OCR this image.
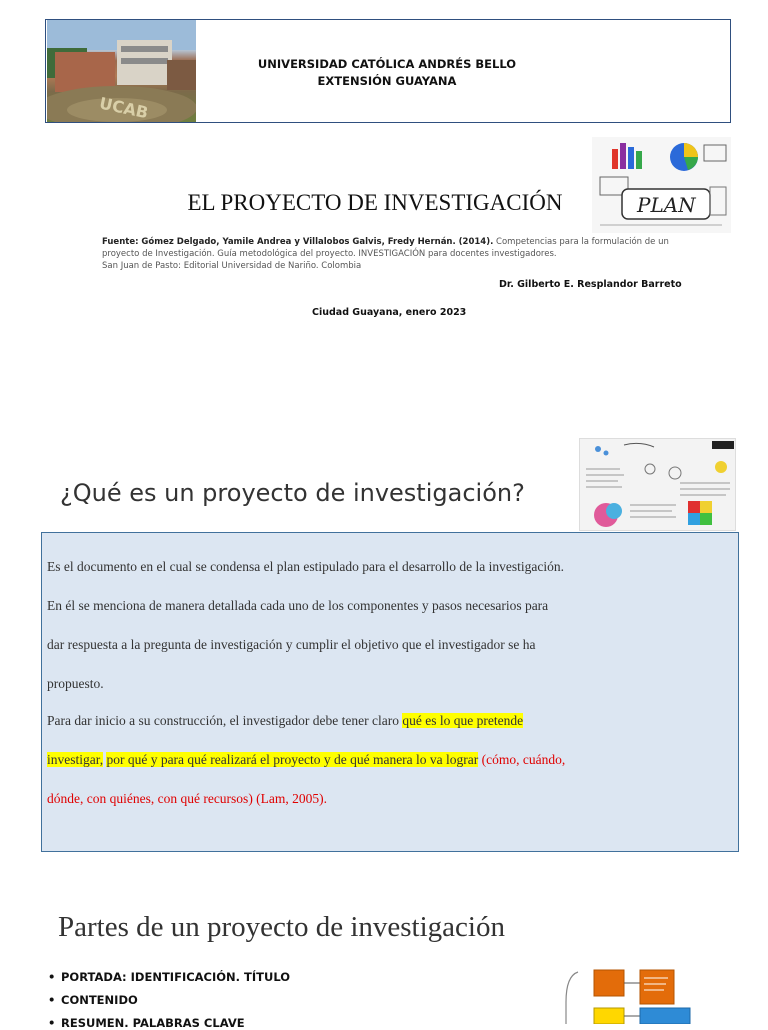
UCAB
UNIVERSIDAD CATÓLICA ANDRÉS BELLO
EXTENSIÓN GUAYANA
EL PROYECTO DE INVESTIGACIÓN	PLAN
Fuente: Gómez Delgado, Yamile Andrea y Villalobos Galvis, Fredy Hernán. (2014). Competencias para la formulación de un
proyecto de Investigación. Guía metodológica del proyecto. INVESTIGACIÓN para docentes investigadores.
San Juan de Pasto: Editorial Universidad de Nariño. Colombia
Dr. Gilberto E. Resplandor Barreto
Ciudad Guayana, enero 2023
¿Qué es un proyecto de investigación?
Es el documento en el cual se condensa el plan estipulado para el desarrollo de la investigación.
En él se menciona de manera detallada cada uno de los componentes y pasos necesarios para
dar respuesta a la pregunta de investigación y cumplir el objetivo que el investigador se ha
propuesto.
Para dar inicio a su construcción, el investigador debe tener claro qué es lo que pretende
investigar, por qué y para qué realizará el proyecto y de qué manera lo va lograr (cómo, cuándo,
dónde, con quiénes, con qué recursos) (Lam, 2005).
Partes de un proyecto de investigación
• PORTADA: IDENTIFICACIÓN. TÍTULO
• CONTENIDO
• RESUMEN. PALABRAS CLAVE
